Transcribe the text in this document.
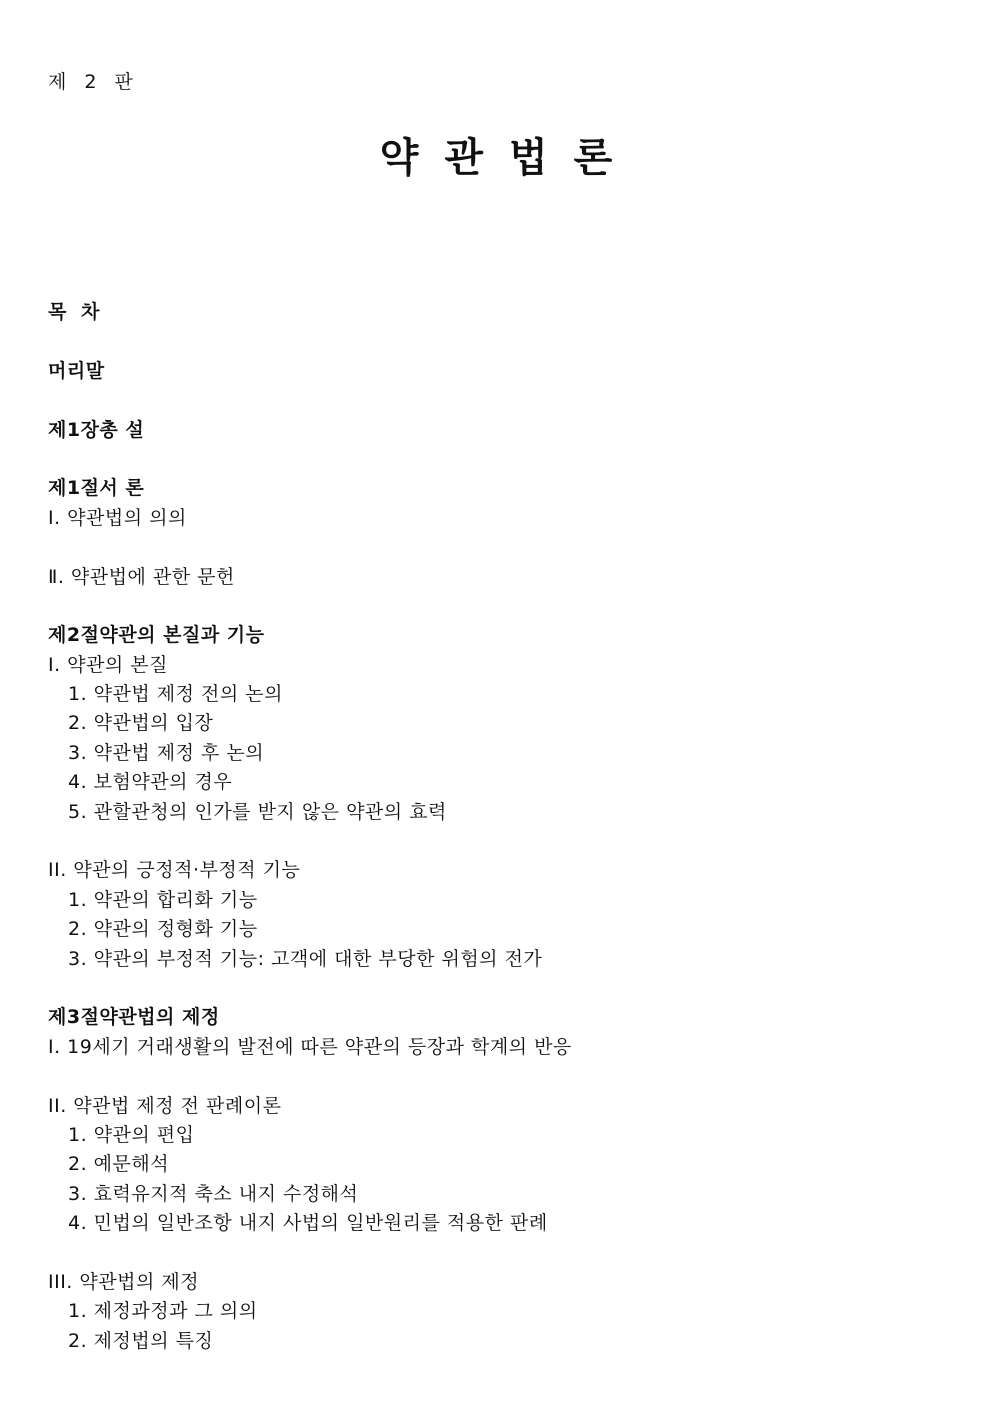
제 2 판
약관법론
목 차
머리말
제1장총 설
제1절서 론
Ⅰ. 약관법의 의의
Ⅱ. 약관법에 관한 문헌
제2절약관의 본질과 기능
I. 약관의 본질
1. 약관법 제정 전의 논의
2. 약관법의 입장
3. 약관법 제정 후 논의
4. 보험약관의 경우
5. 관할관청의 인가를 받지 않은 약관의 효력
II. 약관의 긍정적·부정적 기능
1. 약관의 합리화 기능
2. 약관의 정형화 기능
3. 약관의 부정적 기능: 고객에 대한 부당한 위험의 전가
제3절약관법의 제정
I. 19세기 거래생활의 발전에 따른 약관의 등장과 학계의 반응
II. 약관법 제정 전 판례이론
1. 약관의 편입
2. 예문해석
3. 효력유지적 축소 내지 수정해석
4. 민법의 일반조항 내지 사법의 일반원리를 적용한 판례
III. 약관법의 제정
1. 제정과정과 그 의의
2. 제정법의 특징
